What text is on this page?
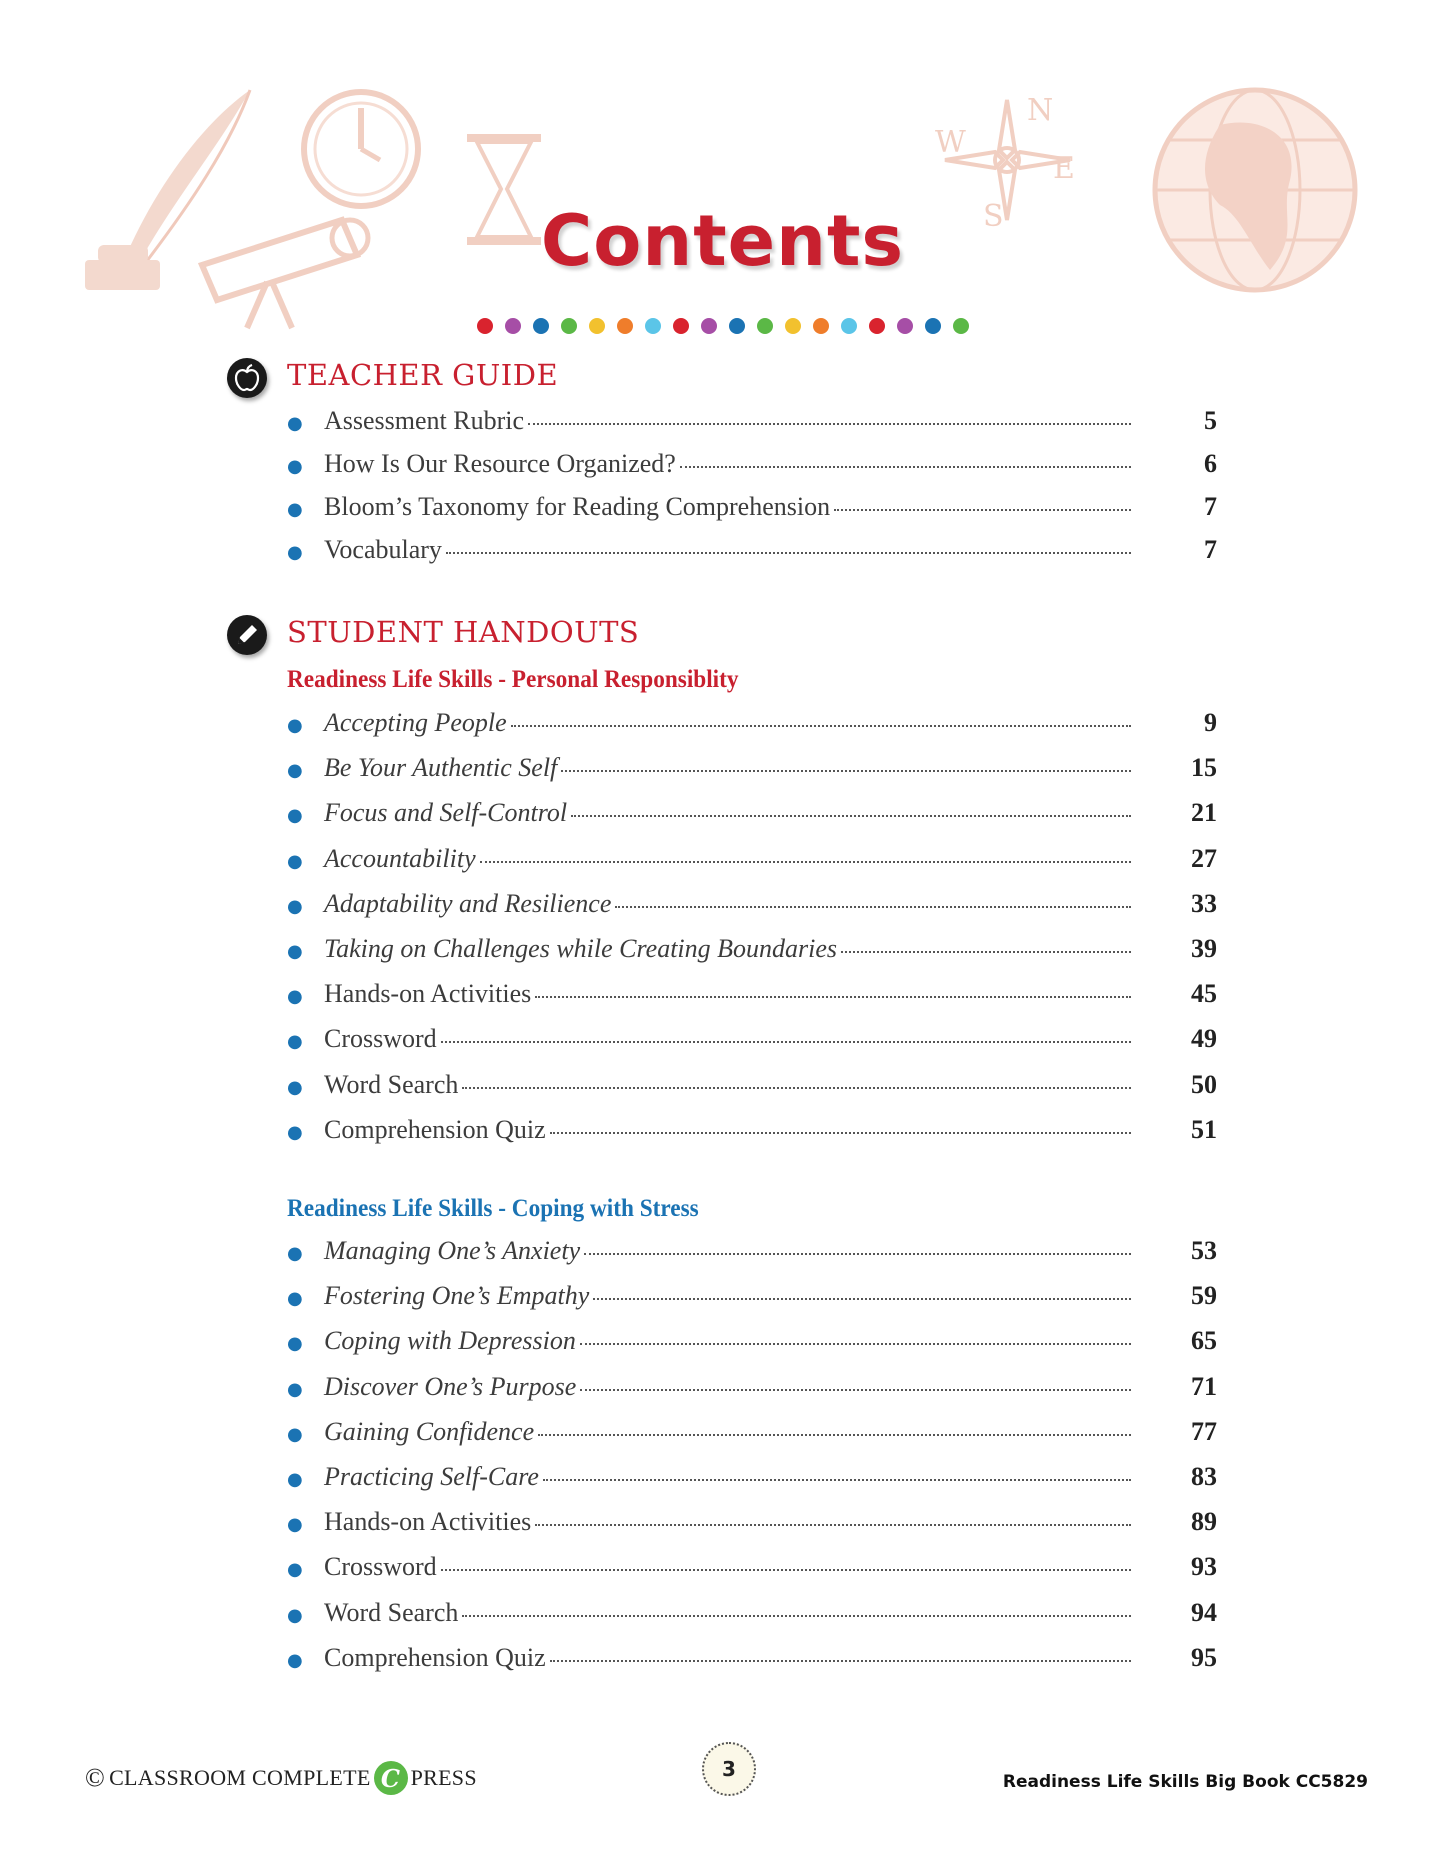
N
E
S
W
Contents
TEACHER GUIDE
● Assessment Rubric	5
● How Is Our Resource Organized?	6
● Bloom’s Taxonomy for Reading Comprehension	7
● Vocabulary	7
STUDENT HANDOUTS
Readiness Life Skills - Personal Responsiblity
● Accepting People	9
● Be Your Authentic Self	15
● Focus and Self-Control	21
● Accountability	27
● Adaptability and Resilience	33
● Taking on Challenges while Creating Boundaries	39
● Hands-on Activities	45
● Crossword	49
● Word Search	50
● Comprehension Quiz	51
Readiness Life Skills - Coping with Stress
● Managing One’s Anxiety	53
● Fostering One’s Empathy	59
● Coping with Depression	65
● Discover One’s Purpose	71
● Gaining Confidence	77
● Practicing Self-Care	83
● Hands-on Activities	89
● Crossword	93
● Word Search	94
● Comprehension Quiz	95
© CLASSROOM COMPLETE C PRESS	3
Readiness Life Skills Big Book CC5829
